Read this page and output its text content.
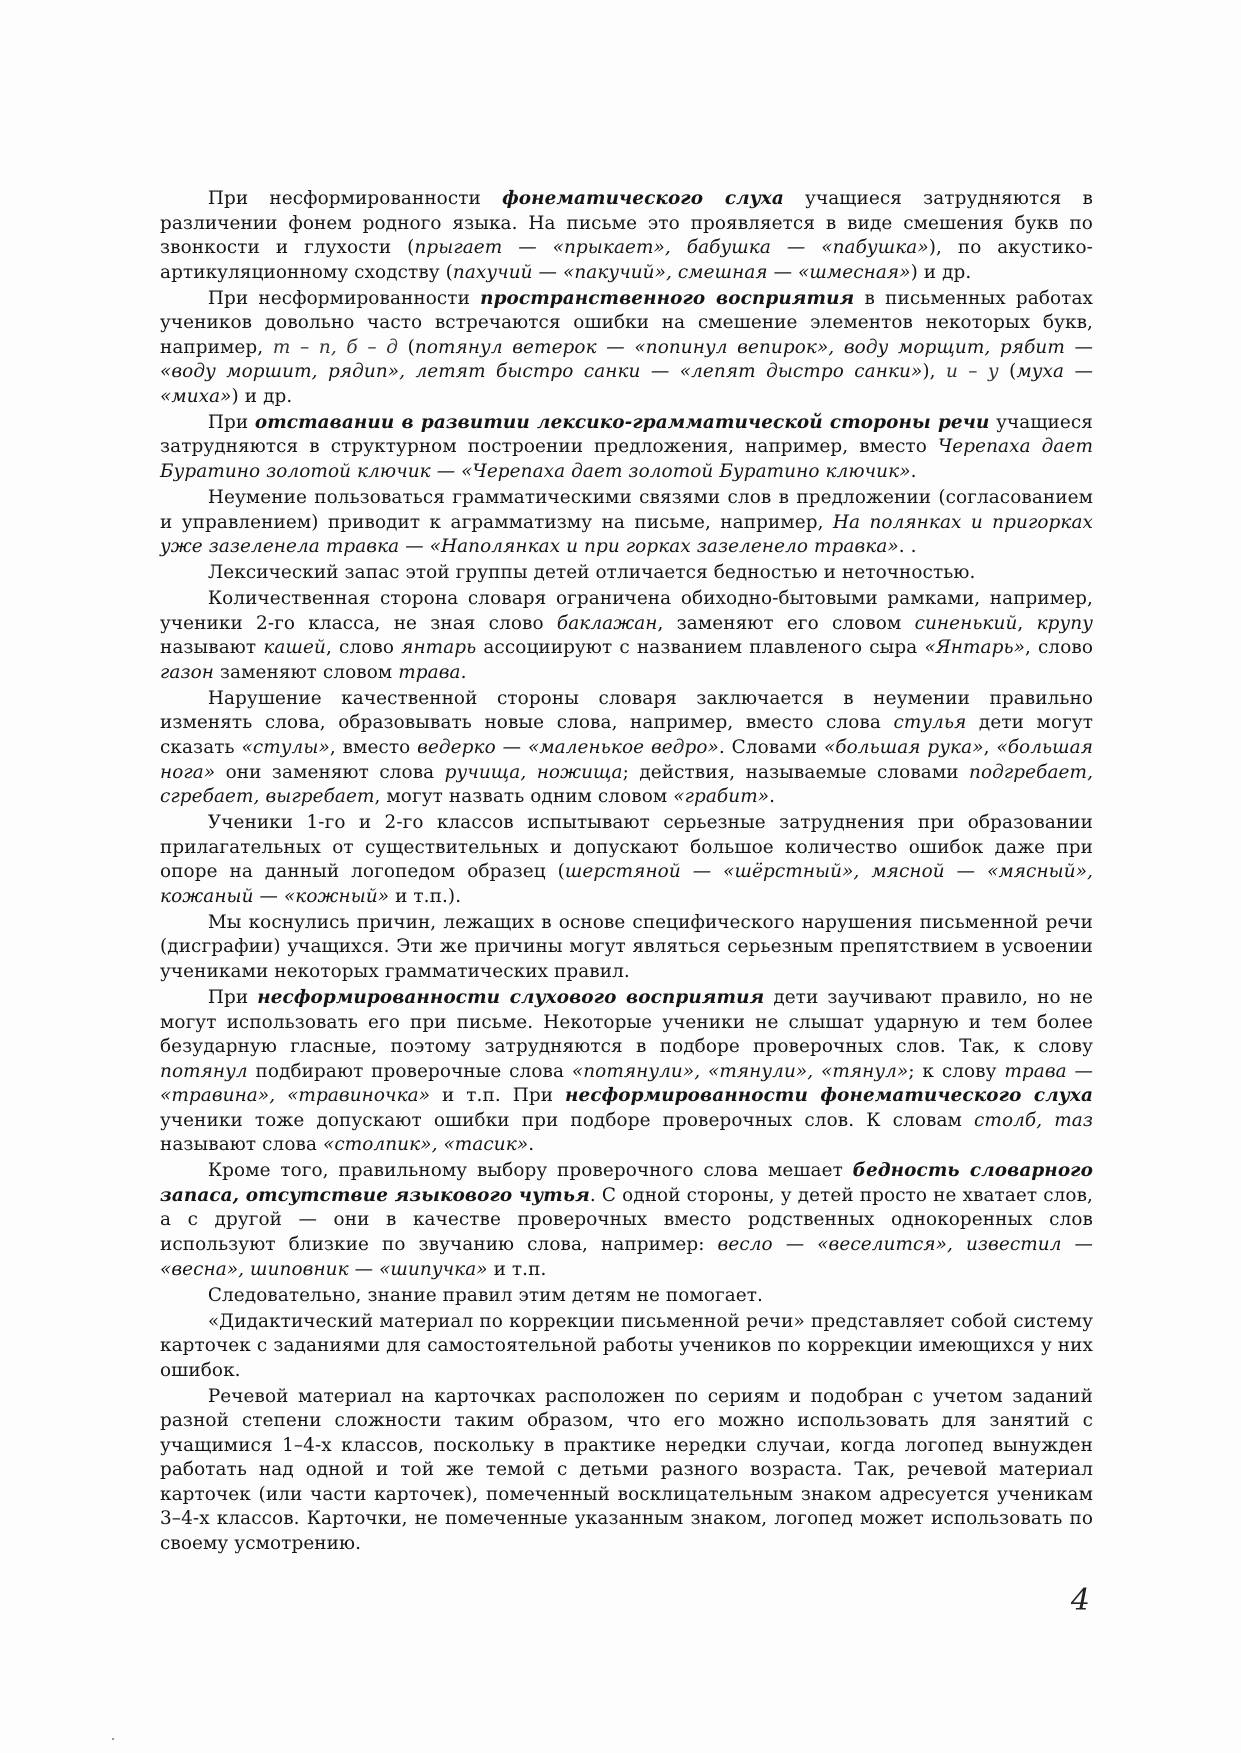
При несформированности фонематического слуха учащиеся затрудняются в различении фонем родного языка. На письме это проявляется в виде смешения букв по звонкости и глухости (прыгает — «прыкает», бабушка — «пабушка»), по акустико-артикуляционному сходству (пахучий — «пакучий», смешная — «шмесная») и др.

При несформированности пространственного восприятия в письменных работах учеников довольно часто встречаются ошибки на смешение элементов некоторых букв, например, т – п, б – д (потянул ветерок — «попинул вепирок», воду морщит, рябит — «воду моршит, рядип», летят быстро санки — «лепят дыстро санки»), и – у (муха — «миха») и др.

При отставании в развитии лексико-грамматической стороны речи учащиеся затрудняются в структурном построении предложения, например, вместо Черепаха дает Буратино золотой ключик — «Черепаха дает золотой Буратино ключик».

Неумение пользоваться грамматическими связями слов в предложении (согласованием и управлением) приводит к аграмматизму на письме, например, На полянках и пригорках уже зазеленела травка — «Наполянках и при горках зазеленело травка». .

Лексический запас этой группы детей отличается бедностью и неточностью.

Количественная сторона словаря ограничена обиходно-бытовыми рамками, например, ученики 2-го класса, не зная слово баклажан, заменяют его словом синенький, крупу называют кашей, слово янтарь ассоциируют с названием плавленого сыра «Янтарь», слово газон заменяют словом трава.

Нарушение качественной стороны словаря заключается в неумении правильно изменять слова, образовывать новые слова, например, вместо слова стулья дети могут сказать «стулы», вместо ведерко — «маленькое ведро». Словами «большая рука», «большая нога» они заменяют слова ручища, ножища; действия, называемые словами подгребает, сгребает, выгребает, могут назвать одним словом «грабит».

Ученики 1-го и 2-го классов испытывают серьезные затруднения при образовании прилагательных от существительных и допускают большое количество ошибок даже при опоре на данный логопедом образец (шерстяной — «шёрстный», мясной — «мясный», кожаный — «кожный» и т.п.).

Мы коснулись причин, лежащих в основе специфического нарушения письменной речи (дисграфии) учащихся. Эти же причины могут являться серьезным препятствием в усвоении учениками некоторых грамматических правил.

При несформированности слухового восприятия дети заучивают правило, но не могут использовать его при письме. Некоторые ученики не слышат ударную и тем более безударную гласные, поэтому затрудняются в подборе проверочных слов. Так, к слову потянул подбирают проверочные слова «потянули», «тянули», «тянул»; к слову трава — «травина», «травиночка» и т.п. При несформированности фонематического слуха ученики тоже допускают ошибки при подборе проверочных слов. К словам столб, таз называют слова «столпик», «тасик».

Кроме того, правильному выбору проверочного слова мешает бедность словарного запаса, отсутствие языкового чутья. С одной стороны, у детей просто не хватает слов, а с другой — они в качестве проверочных вместо родственных однокоренных слов используют близкие по звучанию слова, например: весло — «веселится», известил — «весна», шиповник — «шипучка» и т.п.

Следовательно, знание правил этим детям не помогает.

«Дидактический материал по коррекции письменной речи» представляет собой систему карточек с заданиями для самостоятельной работы учеников по коррекции имеющихся у них ошибок.

Речевой материал на карточках расположен по сериям и подобран с учетом заданий разной степени сложности таким образом, что его можно использовать для занятий с учащимися 1–4-х классов, поскольку в практике нередки случаи, когда логопед вынужден работать над одной и той же темой с детьми разного возраста. Так, речевой материал карточек (или части карточек), помеченный восклицательным знаком адресуется ученикам 3–4-х классов. Карточки, не помеченные указанным знаком, логопед может использовать по своему усмотрению.

4
